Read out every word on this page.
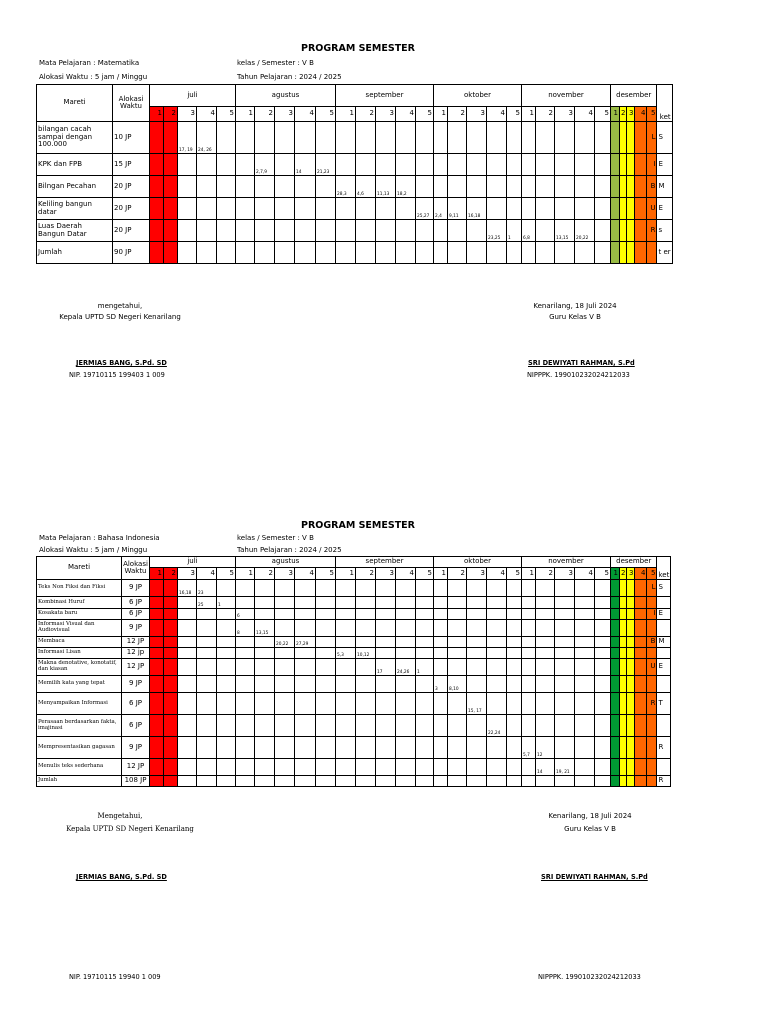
PROGRAM SEMESTER
Mata Pelajaran : Matematika	kelas / Semester : V B
Alokasi Waktu : 5 jam / Minggu	Tahun Pelajaran : 2024 / 2025
Mareti	Alokasi Waktu	juli					agustus					september					oktober					november					desember					ket
		1	2	3	4	5	1	2	3	4	5	1	2	3	4	5	1	2	3	4	5	1	2	3	4	5	1	2	3	4	5	
bilangan cacah sampai dengan 100.000	10 JP			17, 19	24, 26																										L	S
KPK dan FPB	15 JP							2,7,9		14	21,23																				I	E
Bilngan Pecahan	20 JP											28,3	4,6	11,13	18,2																B	M
Keliling bangun datar	20 JP															25,27	2,4	9,11	16,18												U	E
Luas Daerah Bangun Datar	20 JP																			23,25	1	6,8		13,15	20,22						R	s
Jumlah	90 JP																															t er
mengetahui,
Kepala UPTD SD Negeri Kenarilang
Kenarilang, 18 Juli 2024
Guru Kelas V B
JERMIAS BANG, S.Pd. SD
NIP. 19710115 199403 1 009
SRI DEWIYATI RAHMAN, S.Pd
NIPPPK. 199010232024212033
PROGRAM SEMESTER
Mata Pelajaran : Bahasa Indonesia	kelas / Semester : V B
Alokasi Waktu : 5 jam / Minggu	Tahun Pelajaran : 2024 / 2025
Mareti	Alokasi Waktu	juli					agustus					september					oktober					november					desember					ket
		1	2	3	4	5	1	2	3	4	5	1	2	3	4	5	1	2	3	4	5	1	2	3	4	5	1	2	3	4	5	
Teks Non Fiksi dan Fiksi	9 JP			16,18	23																										L	S
Kombinasi Huruf	6 JP				25	1																										
Kosakata baru	6 JP						6																								I	E
Informasi Visual dan Audiovisual	9 JP						8	13,15																								
Membaca	12 JP								20,22	27,29																					B	M
Informasi Lisan	12 jp											5,3	10,12																			
Makna denotative, konotatif, dan kiasan	12 JP													17	24,26	1															U	E
Memilih kata yang tepat	9 JP																3	8,10														
Menyampaikan Informasi	6 JP																		15, 17												R	T
Perasaan berdasarkan fakta, imajinasi	6 JP																			22,24												
Mempresentasikan gagasan	9 JP																					5,7	12									R
Menulis teks sederhana	12 JP																						14	19, 21								
Jumlah	108 JP																															R
Mengetahui,
Kepala UPTD SD Negeri Kenarilang
Kenarilang, 18 Juli 2024
Guru Kelas V B
JERMIAS BANG, S.Pd. SD	SRI DEWIYATI RAHMAN, S.Pd
NIP. 19710115 19940 1 009	NIPPPK. 199010232024212033
